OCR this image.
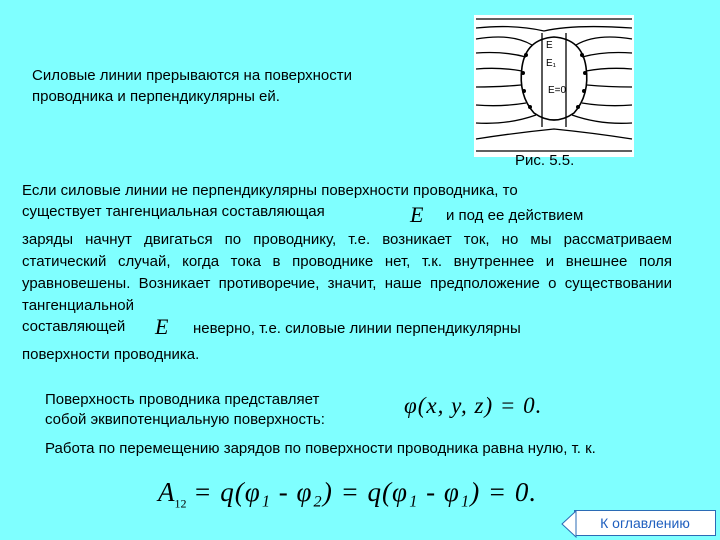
Силовые линии прерываются на поверхности проводника и перпендикулярны ей.
E
E₁
E=0
Рис. 5.5.
Если силовые линии не перпендикулярны поверхности проводника, то
существует тангенциальная составляющая	E и под ее действием
заряды начнут двигаться по проводнику, т.е. возникает ток, но мы рассматриваем статический случай, когда тока в проводнике нет, т.к. внутреннее и внешнее поля уравновешены. Возникает противоречие, значит, наше предположение о существовании тангенциальной
составляющей E неверно, т.е. силовые линии перпендикулярны
поверхности проводника.
Поверхность проводника представляет
собой эквипотенциальную поверхность:
φ(x, y, z) = 0.
Работа по перемещению зарядов по поверхности проводника равна нулю, т. к.
$A_{12} = q(\varphi_1 - \varphi_2) = q(\varphi_1 - \varphi_1) = 0$.
К оглавлению
